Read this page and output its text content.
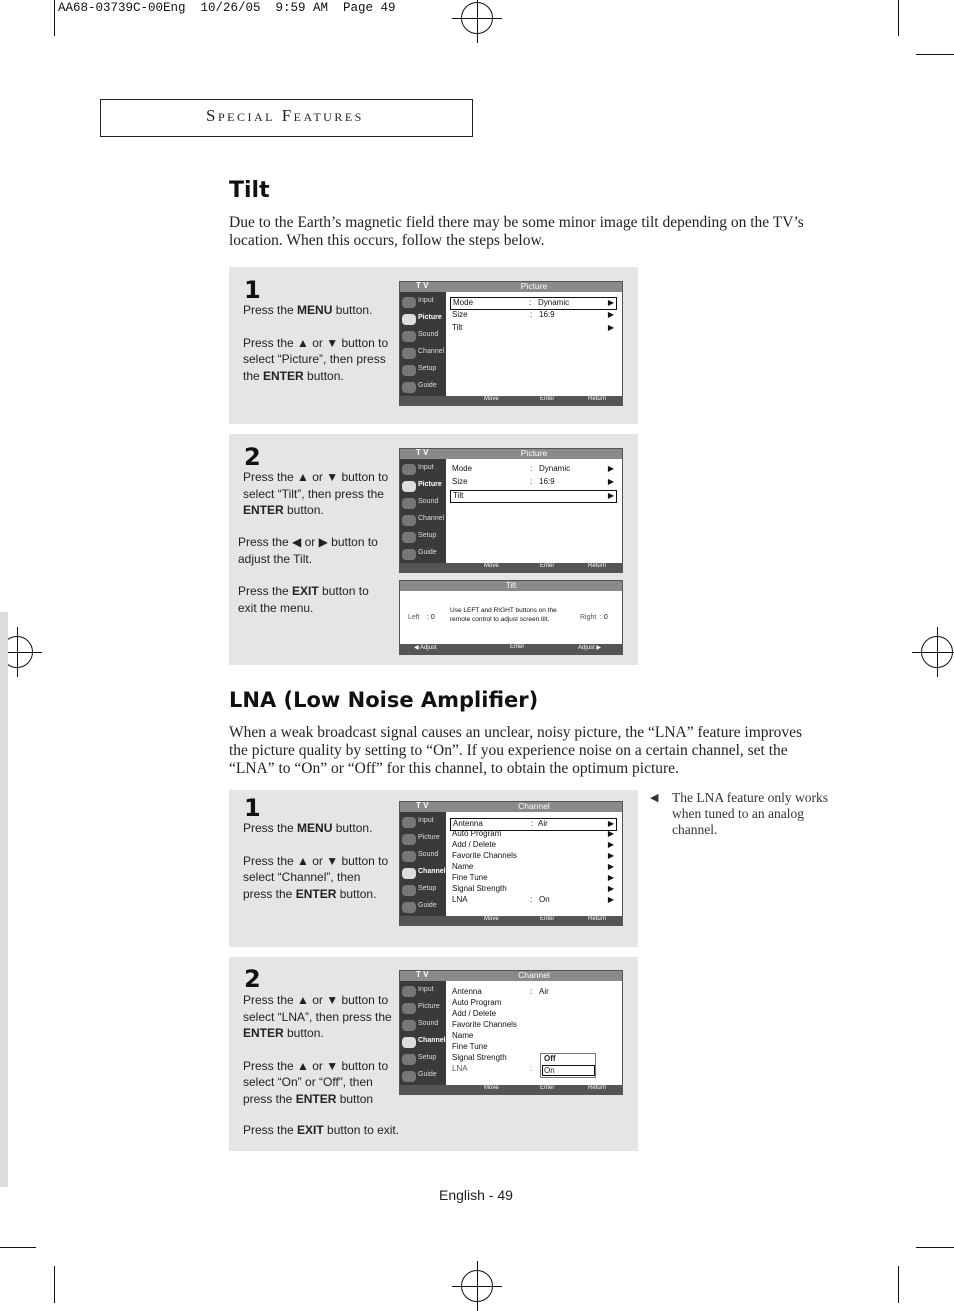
AA68-03739C-00Eng  10/26/05  9:59 AM  Page 49
Special Features
Tilt
Due to the Earth’s magnetic field there may be some minor image tilt depending on the TV’s location. When this occurs, follow the steps below.
1
Press the MENU button.
Press the ▲ or ▼ button to select “Picture”, then press the ENTER button.
T V	Picture
Input
Picture
Sound
Channel
Setup
Guide
Mode	: Dynamic	▶
Size	: 16:9	▶
Tilt	▶
Move	Enter	Return
2
Press the ▲ or ▼ button to select “Tilt”, then press the ENTER button.
Press the ◀ or ▶ button to adjust the Tilt.
Press the EXIT button to exit the menu.
T V	Picture
Input
Picture
Sound
Channel
Setup
Guide
Mode	: Dynamic	▶
Size	: 16:9	▶
Tilt	▶
Move	Enter	Return
Tilt
Left : 0
Use LEFT and RIGHT buttons on the remote control to adjust screen tilt.	Right : 0
◀ Adjust	Enter	Adjust ▶
LNA (Low Noise Amplifier)
When a weak broadcast signal causes an unclear, noisy picture, the “LNA” feature improves the picture quality by setting to “On”. If you experience noise on a certain channel, set the “LNA” to “On” or “Off” for this channel, to obtain the optimum picture.
1
Press the MENU button.
Press the ▲ or ▼ button to select “Channel”, then press the ENTER button.
T V	Channel
Input
Picture
Sound
Channel
Setup
Guide
Antenna	: Air	▶
Auto Program	▶
Add / Delete	▶
Favorite Channels	▶
Name	▶
Fine Tune	▶
Signal Strength	▶
LNA	: On	▶
Move	Enter	Return
◀ The LNA feature only works when tuned to an analog channel.
2
Press the ▲ or ▼ button to select “LNA”, then press the ENTER button.
Press the ▲ or ▼ button to select “On” or “Off”, then press the ENTER button
Press the EXIT button to exit.
T V	Channel
Input
Picture
Sound
Channel
Setup
Guide
Antenna	: Air
Auto Program
Add / Delete
Favorite Channels
Name
Fine Tune
Signal Strength
LNA	:
Off
On
Move	Enter	Return
English - 49
